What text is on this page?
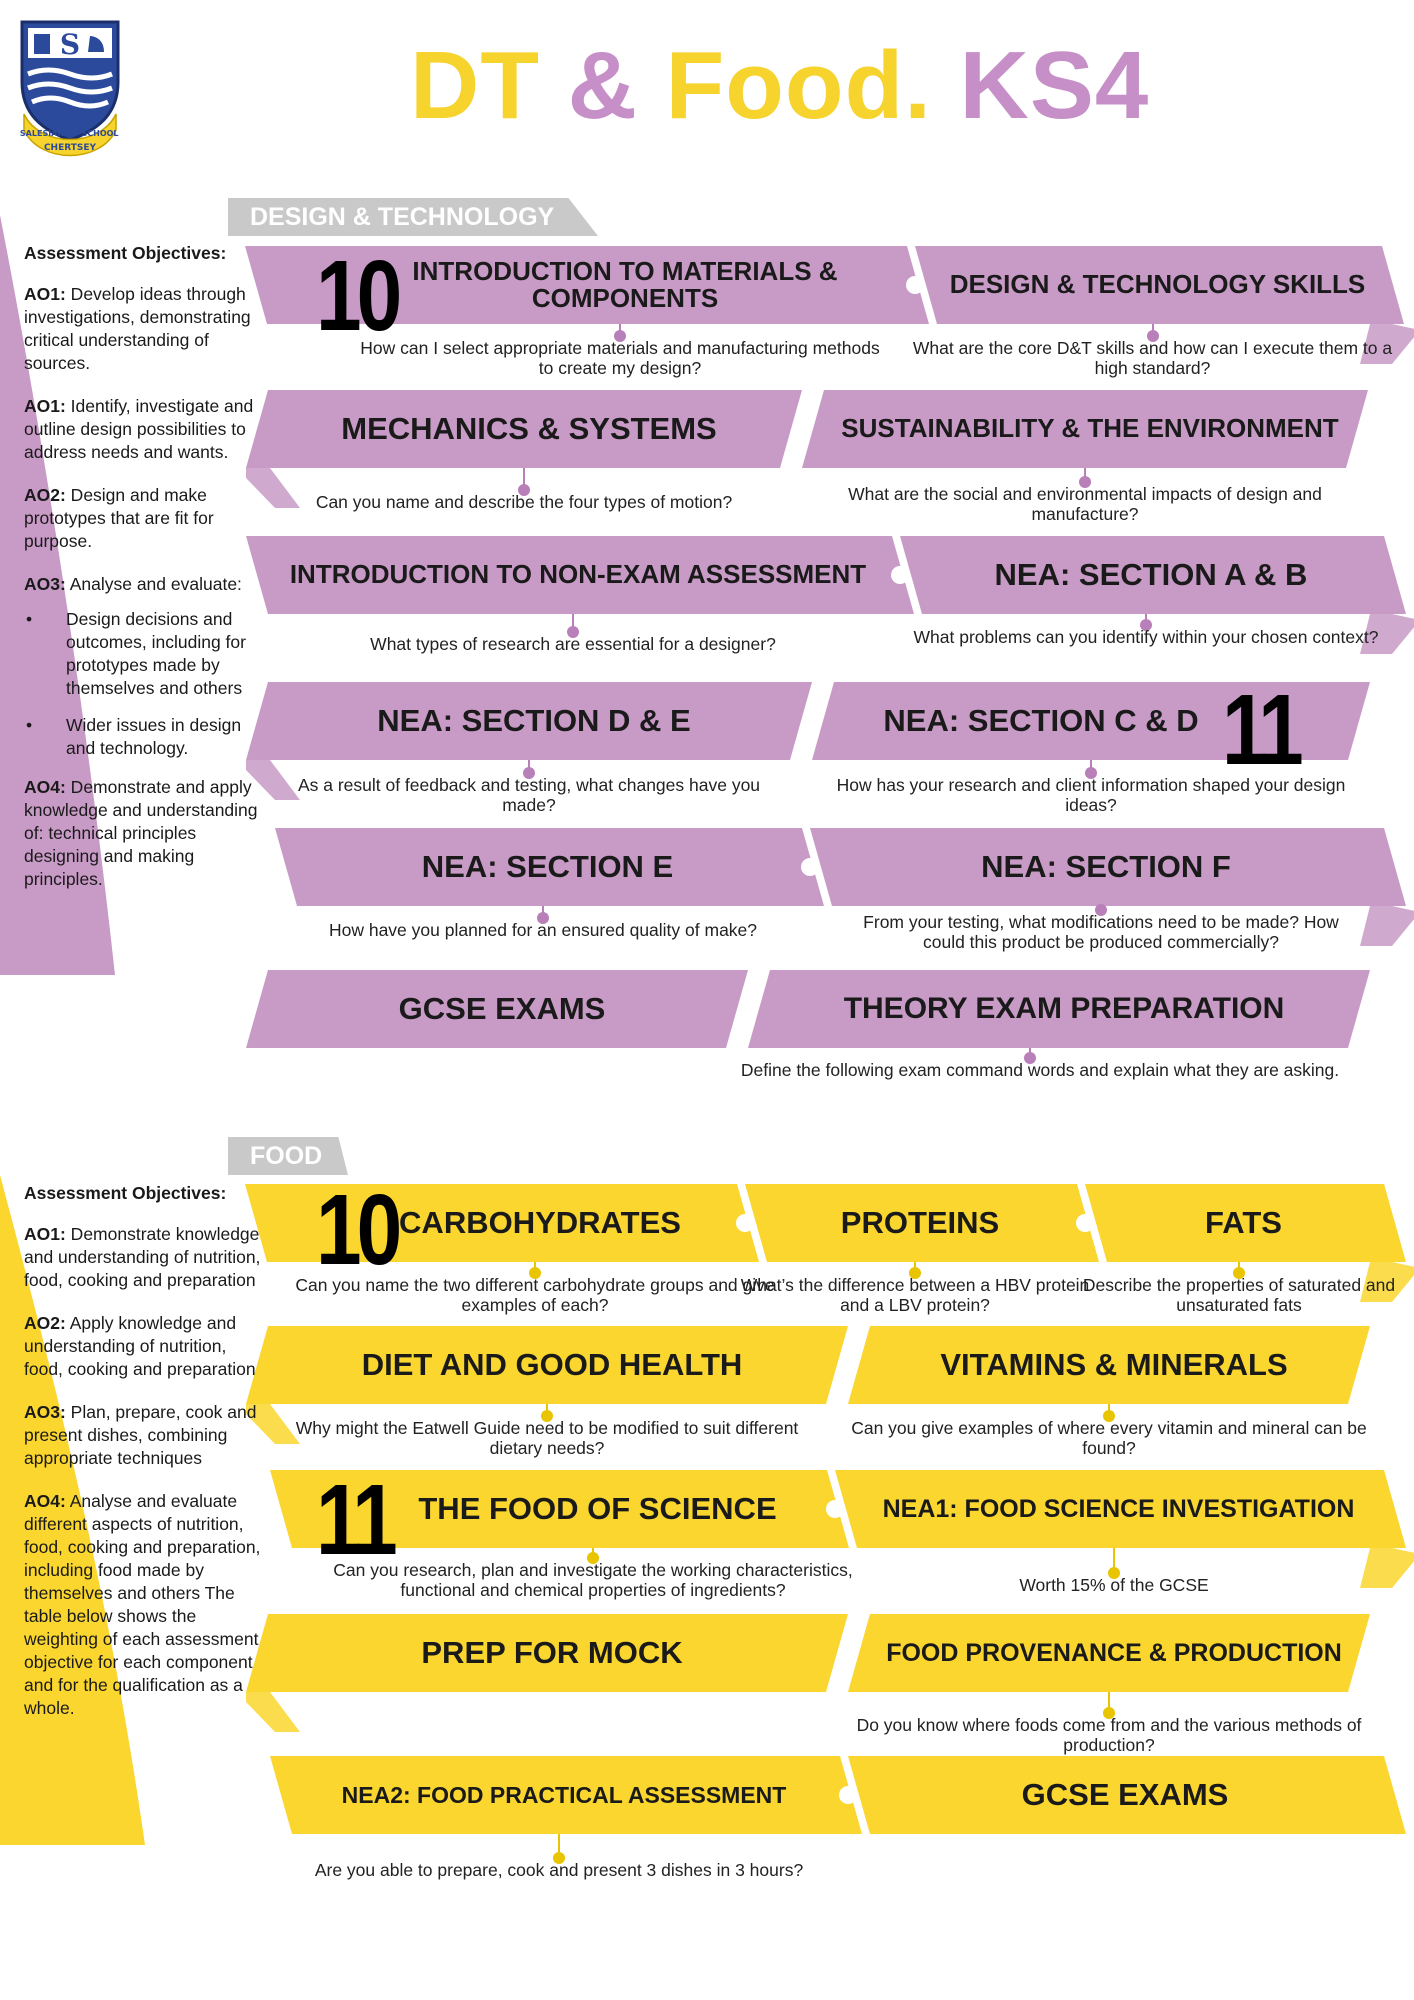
S
CHERTSEY
SALESIAN SCHOOL	DT & Food. KS4
DESIGN & TECHNOLOGY
FOOD
Assessment Objectives:

AO1: Develop ideas through investigations, demonstrating critical understanding of sources.

AO1: Identify, investigate and outline design possibilities to address needs and wants.

AO2: Design and make prototypes that are fit for purpose.

AO3: Analyse and evaluate:

• Design decisions and outcomes, including for prototypes made by themselves and others
• Wider issues in design and technology.

AO4: Demonstrate and apply knowledge and understanding of: technical principles designing and making principles.

Assessment Objectives:

AO1: Demonstrate knowledge and understanding of nutrition, food, cooking and preparation

AO2: Apply knowledge and understanding of nutrition, food, cooking and preparation

AO3: Plan, prepare, cook and present dishes, combining appropriate techniques

AO4: Analyse and evaluate different aspects of nutrition, food, cooking and preparation, including food made by themselves and others The table below shows the weighting of each assessment objective for each component and for the qualification as a whole.

10
11
10
11
INTRODUCTION TO MATERIALS & COMPONENTS
How can I select appropriate materials and manufacturing methods to create my design?
DESIGN & TECHNOLOGY SKILLS
What are the core D&T skills and how can I execute them to a high standard?
MECHANICS & SYSTEMS
Can you name and describe the four types of motion?
SUSTAINABILITY & THE ENVIRONMENT
What are the social and environmental impacts of design and manufacture?
INTRODUCTION TO NON-EXAM ASSESSMENT
What types of research are essential for a designer?
NEA: SECTION A & B
What problems can you identify within your chosen context?
NEA: SECTION D & E
As a result of feedback and testing, what changes have you made?
NEA: SECTION C & D
How has your research and client information shaped your design ideas?
NEA: SECTION E
How have you planned for an ensured quality of make?
NEA: SECTION F
From your testing, what modifications need to be made? How could this product be produced commercially?
GCSE EXAMS	THEORY EXAM PREPARATION
Define the following exam command words and explain what they are asking.
CARBOHYDRATES
Can you name the two different carbohydrate groups and give examples of each?
PROTEINS
What’s the difference between a HBV protein and a LBV protein?
FATS
Describe the properties of saturated and unsaturated fats
DIET AND GOOD HEALTH
Why might the Eatwell Guide need to be modified to suit different dietary needs?
VITAMINS & MINERALS
Can you give examples of where every vitamin and mineral can be found?
THE FOOD OF SCIENCE
Can you research, plan and investigate the working characteristics, functional and chemical properties of ingredients?
NEA1: FOOD SCIENCE INVESTIGATION
Worth 15% of the GCSE
PREP FOR MOCK	FOOD PROVENANCE & PRODUCTION
Do you know where foods come from and the various methods of production?
NEA2: FOOD PRACTICAL ASSESSMENT
Are you able to prepare, cook and present 3 dishes in 3 hours?
GCSE EXAMS
